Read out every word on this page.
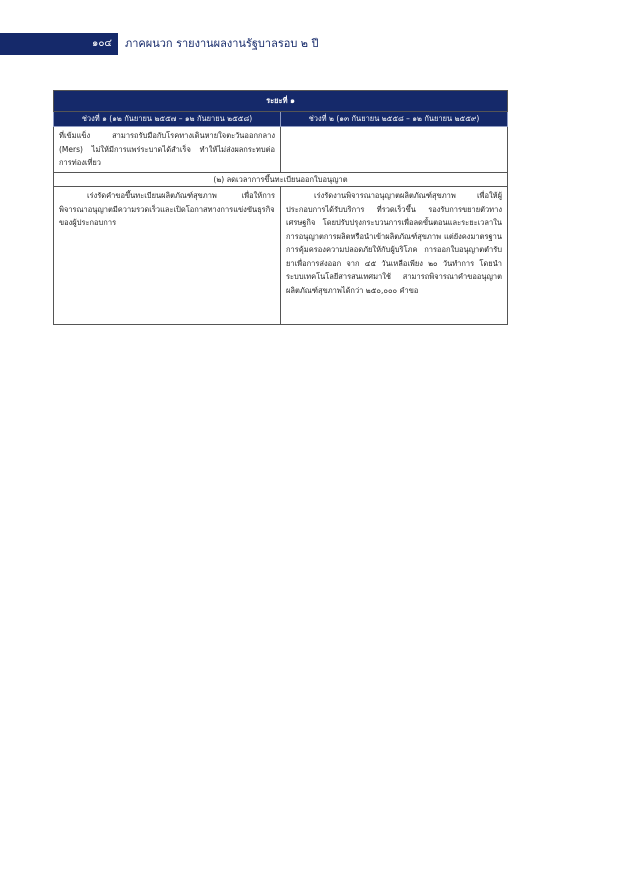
๑๐๔	ภาคผนวก รายงานผลงานรัฐบาลรอบ ๒ ปี
ระยะที่ ๑	
ช่วงที่ ๑ (๑๒ กันยายน ๒๕๕๗ – ๑๒ กันยายน ๒๕๕๘)	ช่วงที่ ๒ (๑๓ กันยายน ๒๕๕๘ – ๑๒ กันยายน ๒๕๕๙)
ที่เข้มแข็ง สามารถรับมือกับโรคทางเดินหายใจตะวันออกกลาง (Mers) ไม่ให้มีการแพร่ระบาดได้สำเร็จ ทำให้ไม่ส่งผลกระทบต่อการท่องเที่ยว	
(๒) ลดเวลาการขึ้นทะเบียนออกใบอนุญาต	

เร่งรัดคำขอขึ้นทะเบียนผลิตภัณฑ์สุขภาพ เพื่อให้การพิจารณาอนุญาตมีความรวดเร็วและเปิดโอกาสทางการแข่งขันธุรกิจของผู้ประกอบการ	เร่งรัดงานพิจารณาอนุญาตผลิตภัณฑ์สุขภาพ เพื่อให้ผู้ประกอบการได้รับบริการ ที่รวดเร็วขึ้น รองรับการขยายตัวทางเศรษฐกิจ โดยปรับปรุงกระบวนการเพื่อลดขั้นตอนและระยะเวลาในการอนุญาตการผลิตหรือนำเข้าผลิตภัณฑ์สุขภาพ แต่ยังคงมาตรฐานการคุ้มครองความปลอดภัยให้กับผู้บริโภค การออกใบอนุญาตตำรับยาเพื่อการส่งออก จาก ๔๕ วันเหลือเพียง ๒๐ วันทำการ โดยนำระบบเทคโนโลยีสารสนเทศมาใช้ สามารถพิจารณาคำขออนุญาตผลิตภัณฑ์สุขภาพได้กว่า ๒๕๐,๐๐๐ คำขอ
